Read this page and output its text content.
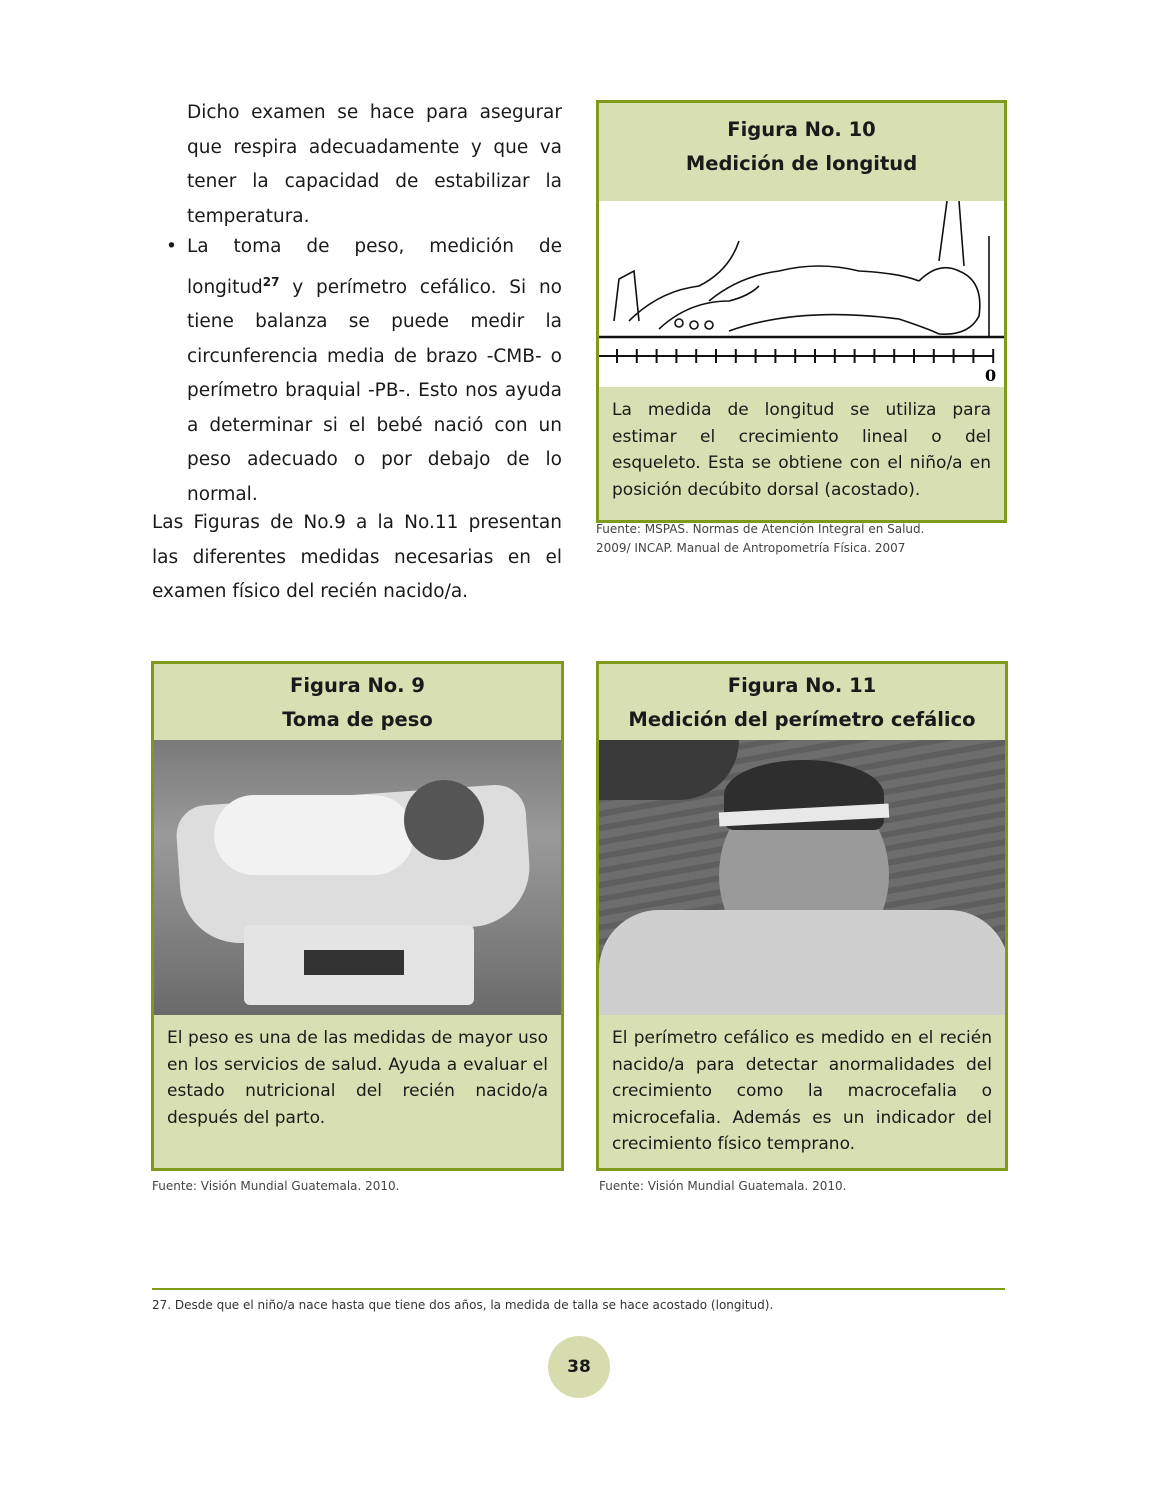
Dicho examen se hace para asegurar que respira adecuadamente y que va tener la capacidad de estabilizar la temperatura.
• La toma de peso, medición de longitud$^{27}$ y perímetro cefálico. Si no tiene balanza se puede medir la circunferencia media de brazo -CMB- o perímetro braquial -PB-. Esto nos ayuda a determinar si el bebé nació con un peso adecuado o por debajo de lo normal.
Las Figuras de No.9 a la No.11 presentan las diferentes medidas necesarias en el examen físico del recién nacido/a.
Figura No. 10
Medición de longitud
0
La medida de longitud se utiliza para estimar el crecimiento lineal o del esqueleto. Esta se obtiene con el niño/a en posición decúbito dorsal (acostado).
Fuente: MSPAS. Normas de Atención Integral en Salud.
2009/ INCAP. Manual de Antropometría Física. 2007
Figura No. 9
Toma de peso
El peso es una de las medidas de mayor uso en los servicios de salud. Ayuda a evaluar el estado nutricional del recién nacido/a después del parto.
Fuente: Visión Mundial Guatemala. 2010.
Figura No. 11
Medición del perímetro cefálico
El perímetro cefálico es medido en el recién nacido/a para detectar anormalidades del crecimiento como la macrocefalia o microcefalia. Además es un indicador del crecimiento físico temprano.
Fuente: Visión Mundial Guatemala. 2010.
27. Desde que el niño/a nace hasta que tiene dos años, la medida de talla se hace acostado (longitud).
38
